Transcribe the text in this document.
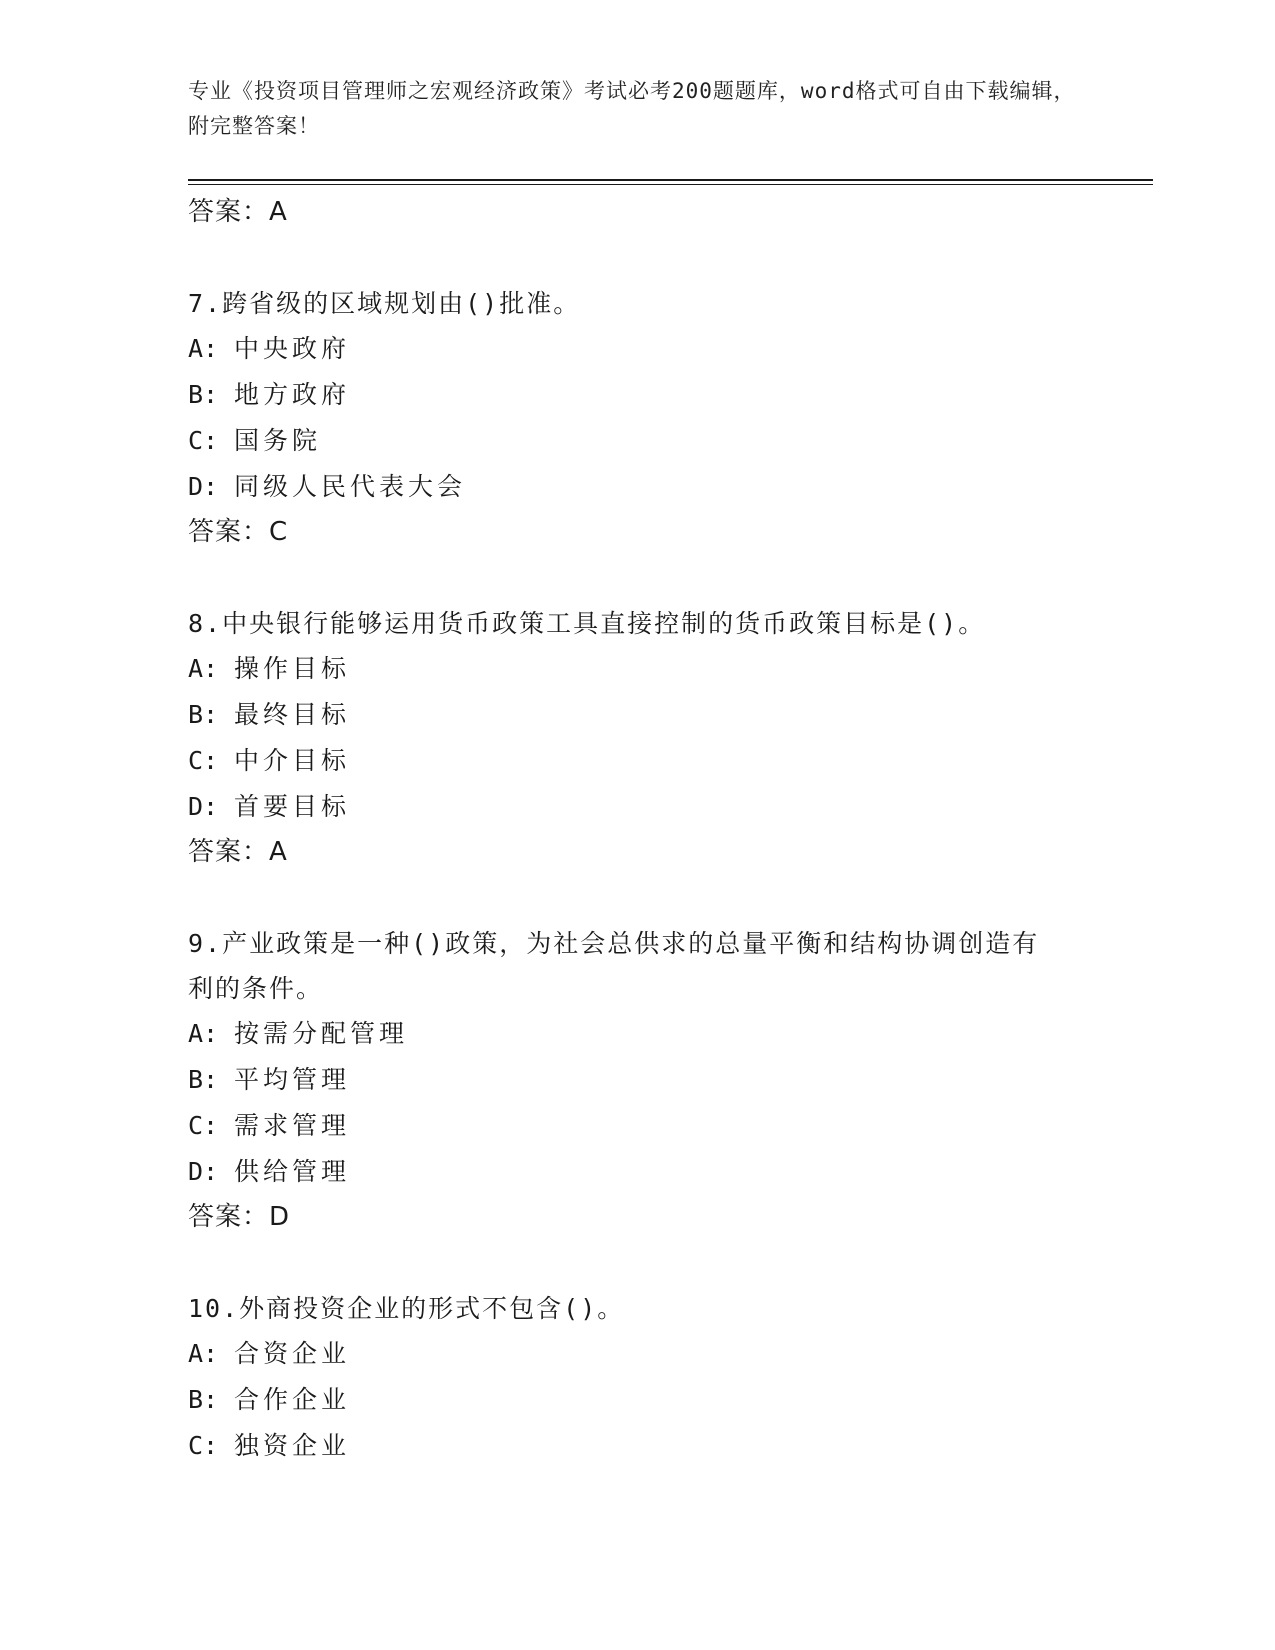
专业《投资项目管理师之宏观经济政策》考试必考200题题库，word格式可自由下载编辑，附完整答案！
答案：A

7.跨省级的区域规划由()批准。

A: 中央政府
B: 地方政府
C: 国务院
D: 同级人民代表大会
答案：C

8.中央银行能够运用货币政策工具直接控制的货币政策目标是()。

A: 操作目标
B: 最终目标
C: 中介目标
D: 首要目标
答案：A

9.产业政策是一种()政策，为社会总供求的总量平衡和结构协调创造有利的条件。

A: 按需分配管理
B: 平均管理
C: 需求管理
D: 供给管理
答案：D

10.外商投资企业的形式不包含()。

A: 合资企业
B: 合作企业
C: 独资企业
